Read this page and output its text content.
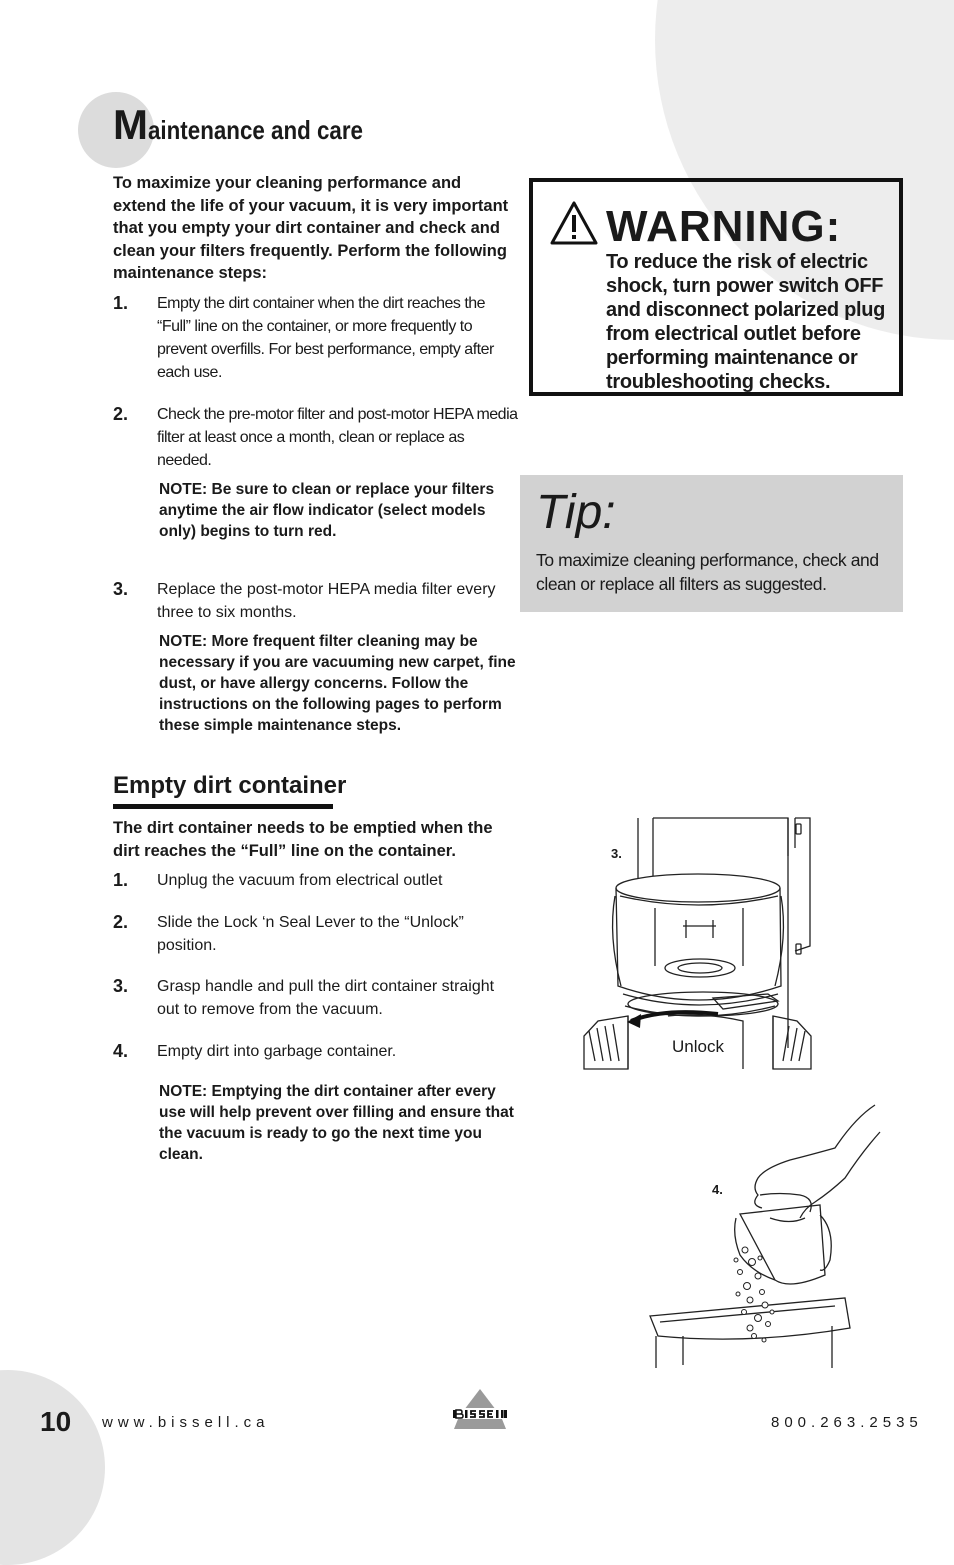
Maintenance and care

To maximize your cleaning performance and extend the life of your vacuum, it is very important that you empty your dirt container and check and clean your filters frequently. Perform the following maintenance steps:

1. Empty the dirt container when the dirt reaches the “Full” line on the container, or more frequently to prevent overfills. For best performance, empty after each use.
2. Check the pre-motor filter and post-motor HEPA media filter at least once a month, clean or replace as needed.

NOTE: Be sure to clean or replace your filters anytime the air flow indicator (select models only) begins to turn red.

3. Replace the post-motor HEPA media filter every three to six months.

NOTE: More frequent filter cleaning may be necessary if you are vacuuming new carpet, fine dust, or have allergy concerns. Follow the instructions on the following pages to perform these simple maintenance steps.

WARNING:

To reduce the risk of electric shock, turn power switch OFF and disconnect polarized plug from electrical outlet before performing maintenance or troubleshooting checks.

Tip:

To maximize cleaning performance, check and clean or replace all filters as suggested.

Empty dirt container

The dirt container needs to be emptied when the dirt reaches the “Full” line on the container.

1. Unplug the vacuum from electrical outlet
2. Slide the Lock ‘n Seal Lever to the “Unlock” position.
3. Grasp handle and pull the dirt container straight out to remove from the vacuum.
4. Empty dirt into garbage container.

NOTE: Emptying the dirt container after every use will help prevent over filling and ensure that the vacuum is ready to go the next time you clean.

3.
Unlock
4.
10 www.bissell.ca	800.263.2535
